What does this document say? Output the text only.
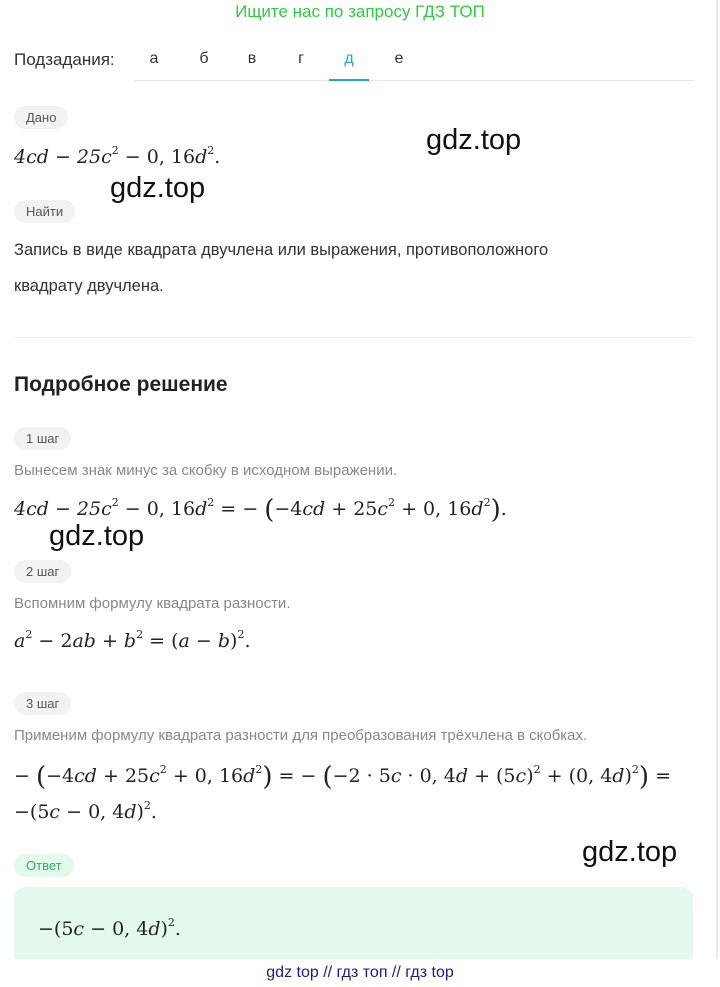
Ищите нас по запросу ГДЗ ТОП
Подзадания:	а	б	в	г	д	е
Дано
$4cd - 25c^2 - 0$, $16d^2$.
gdz.top
gdz.top
Найти
Запись в виде квадрата двучлена или выражения, противоположного
квадрату двучлена.
Подробное решение
1 шаг
Вынесем знак минус за скобку в исходном выражении.
$4cd - 25c^2 - 0$, $16d^2$ = − ($-4cd + 25c^2 + 0$, $16d^2$).
gdz.top
2 шаг
Вспомним формулу квадрата разности.
$a^2 - 2ab + b^2 = (a - b)^2$.
3 шаг
Применим формулу квадрата разности для преобразования трёхчлена в скобках.
− ($-4cd + 25c^2 + 0$, $16d^2$) = − (−2 · 5c · 0, $4d + (5c)^2 + (0$, 4d)$^2$) =
−(5c − 0, 4d)$^2$.
gdz.top
Ответ
−(5c − 0, 4d)$^2$.
gdz top // гдз топ // гдз top
